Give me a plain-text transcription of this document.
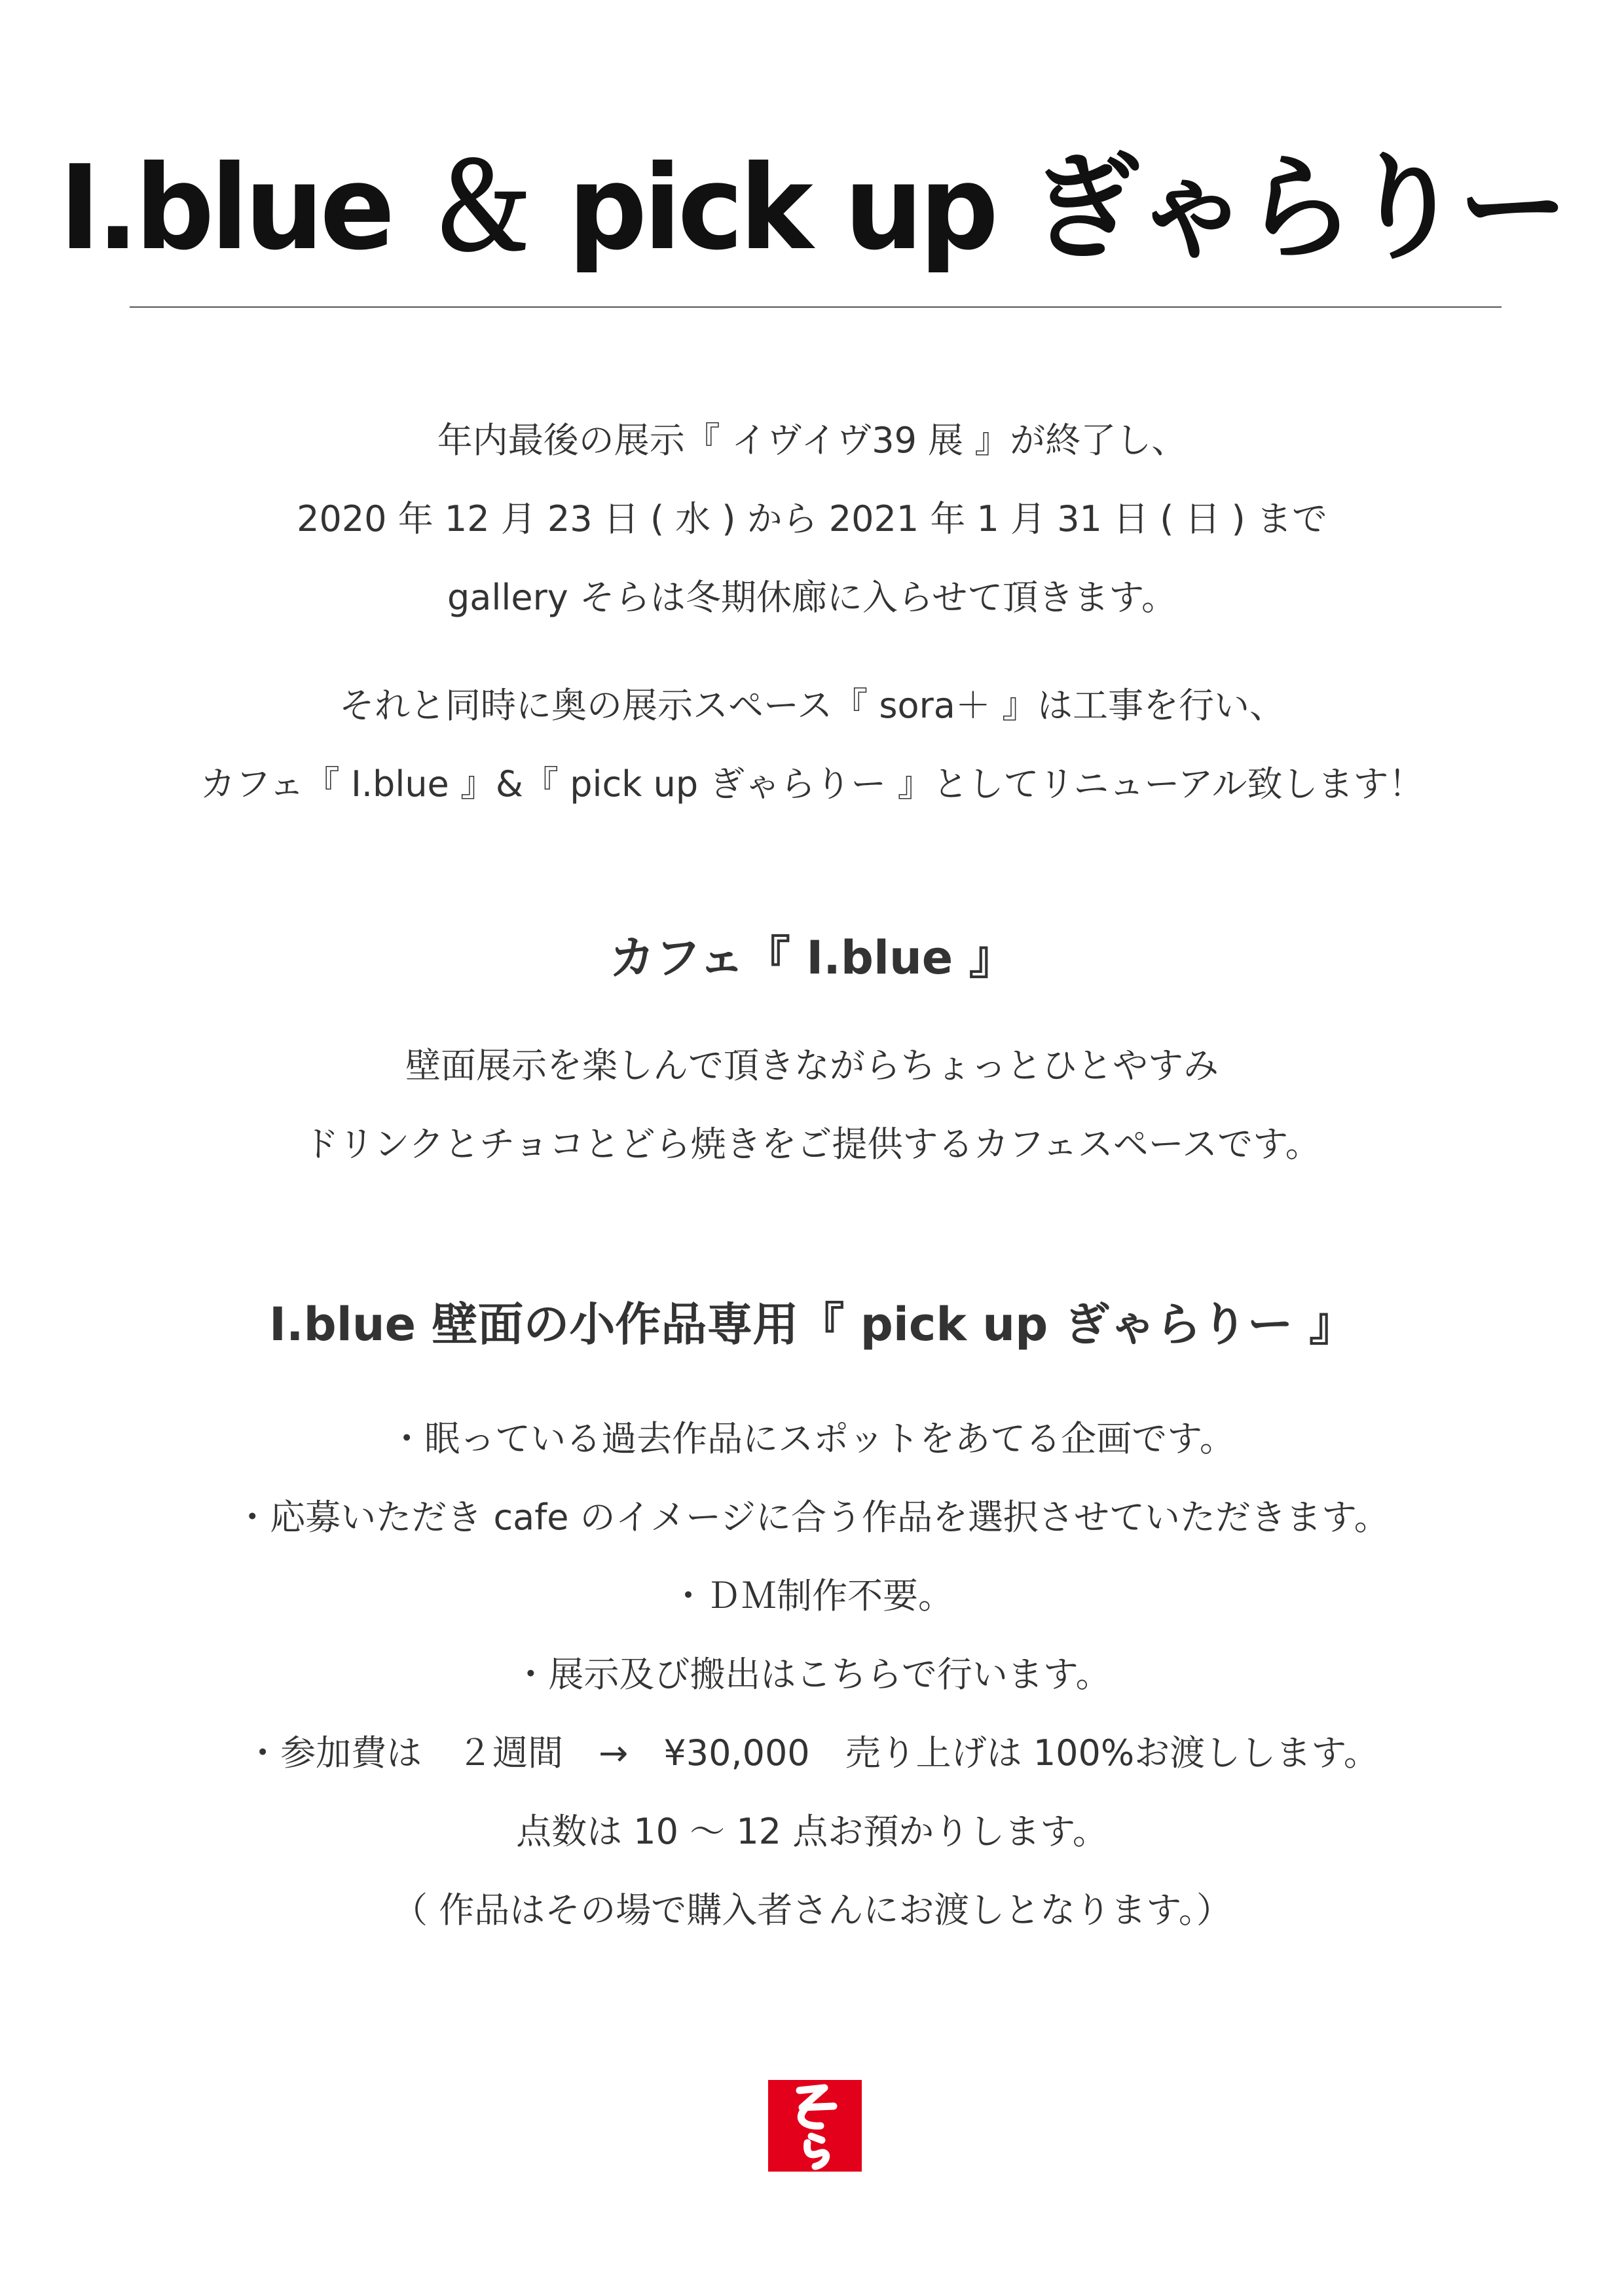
I.blue ＆ pick up ぎゃらりー
年内最後の展示『 イヴイヴ39 展 』が終了し、
2020 年 12 月 23 日 ( 水 ) から 2021 年 1 月 31 日 ( 日 ) まで
gallery そらは冬期休廊に入らせて頂きます。
それと同時に奥の展示スペース『 sora＋ 』は工事を行い、
カフェ『 I.blue 』&『 pick up ぎゃらりー 』としてリニューアル致します！
カフェ『 I.blue 』
壁面展示を楽しんで頂きながらちょっとひとやすみ
ドリンクとチョコとどら焼きをご提供するカフェスペースです。
I.blue 壁面の小作品専用『 pick up ぎゃらりー 』
・眠っている過去作品にスポットをあてる企画です。
・応募いただき cafe のイメージに合う作品を選択させていただきます。
・ＤＭ制作不要。
・展示及び搬出はこちらで行います。
・参加費は　２週間　→　¥30,000　売り上げは 100%お渡しします。
点数は 10 〜 12 点お預かりします。
（ 作品はその場で購入者さんにお渡しとなります。）
